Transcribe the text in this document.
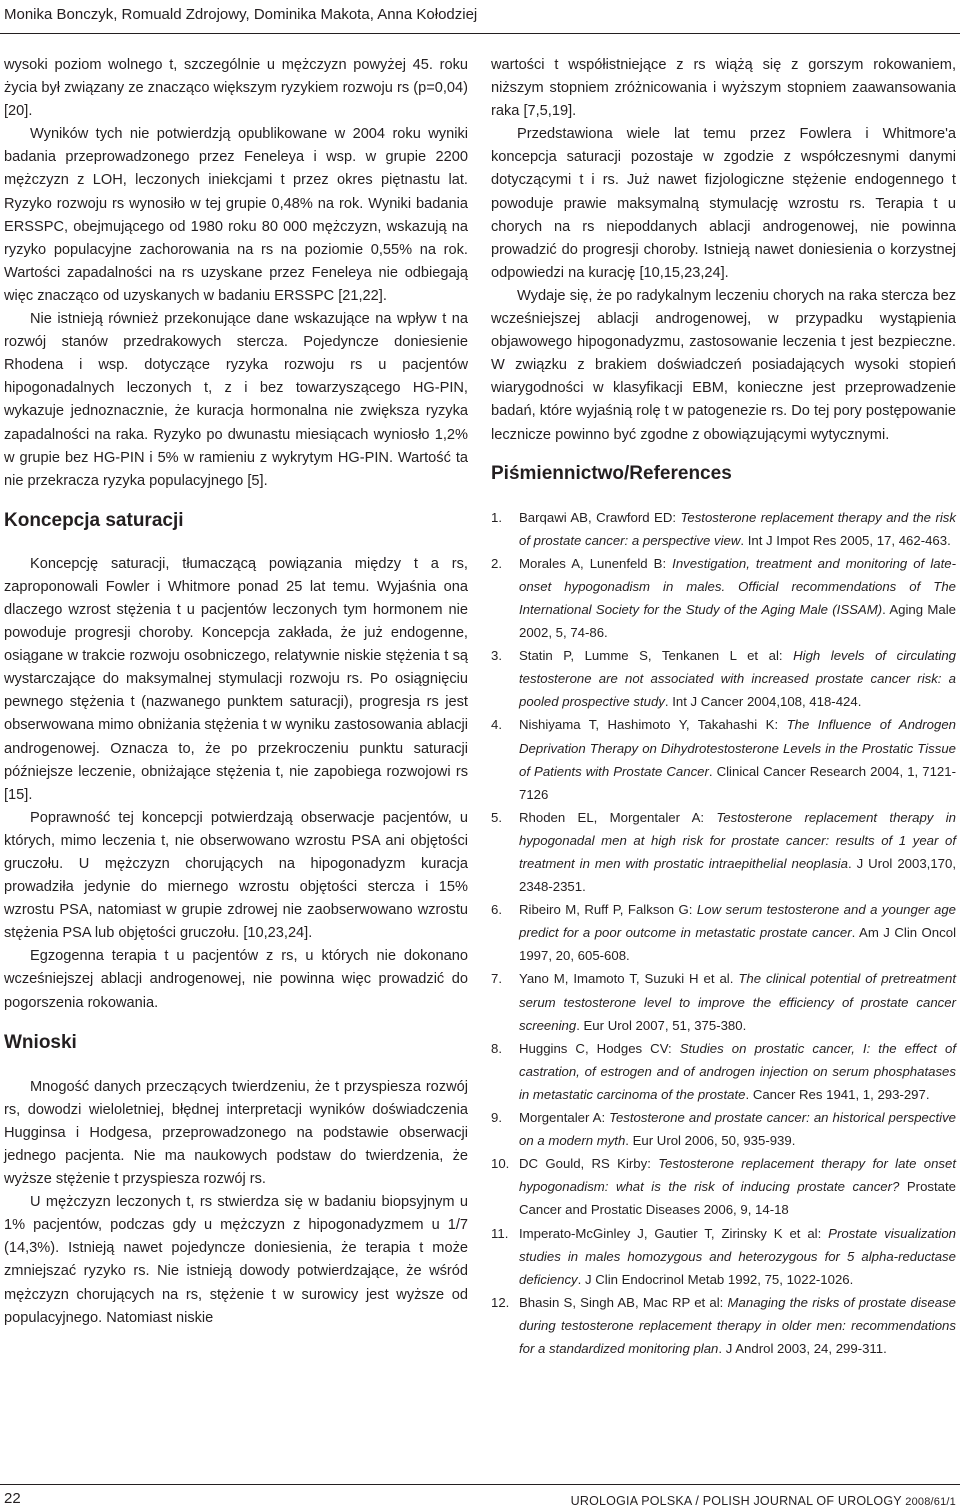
Monika Bonczyk, Romuald Zdrojowy, Dominika Makota, Anna Kołodziej

wysoki poziom wolnego t, szczególnie u mężczyzn powyżej 45. roku życia był związany ze znacząco większym ryzykiem rozwoju rs (p=0,04) [20].

Wyników tych nie potwierdzją opublikowane w 2004 roku wyniki badania przeprowadzonego przez Feneleya i wsp. w grupie 2200 mężczyzn z LOH, leczonych iniekcjami t przez okres piętnastu lat. Ryzyko rozwoju rs wynosiło w tej grupie 0,48% na rok. Wyniki badania ERSSPC, obejmującego od 1980 roku 80 000 mężczyzn, wskazują na ryzyko populacyjne zachorowania na rs na poziomie 0,55% na rok. Wartości zapadalności na rs uzyskane przez Feneleya nie odbiegają więc znacząco od uzyskanych w badaniu ERSSPC [21,22].

Nie istnieją również przekonujące dane wskazujące na wpływ t na rozwój stanów przedrakowych stercza. Pojedyncze doniesienie Rhodena i wsp. dotyczące ryzyka rozwoju rs u pacjentów hipogonadalnych leczonych t, z i bez towarzyszącego HG-PIN, wykazuje jednoznacznie, że kuracja hormonalna nie zwiększa ryzyka zapadalności na raka. Ryzyko po dwunastu miesiącach wyniosło 1,2% w grupie bez HG-PIN i 5% w ramieniu z wykrytym HG-PIN. Wartość ta nie przekracza ryzyka populacyjnego [5].

Koncepcja saturacji

Koncepcję saturacji, tłumaczącą powiązania między t a rs, zaproponowali Fowler i Whitmore ponad 25 lat temu. Wyjaśnia ona dlaczego wzrost stężenia t u pacjentów leczonych tym hormonem nie powoduje progresji choroby. Koncepcja zakłada, że już endogenne, osiągane w trakcie rozwoju osobniczego, relatywnie niskie stężenia t są wystarczające do maksymalnej stymulacji rozwoju rs. Po osiągnięciu pewnego stężenia t (nazwanego punktem saturacji), progresja rs jest obserwowana mimo obniżania stężenia t w wyniku zastosowania ablacji androgenowej. Oznacza to, że po przekroczeniu punktu saturacji późniejsze leczenie, obniżające stężenia t, nie zapobiega rozwojowi rs [15].

Poprawność tej koncepcji potwierdzają obserwacje pacjentów, u których, mimo leczenia t, nie obserwowano wzrostu PSA ani objętości gruczołu. U mężczyzn chorujących na hipogonadyzm kuracja prowadziła jedynie do miernego wzrostu objętości stercza i 15% wzrostu PSA, natomiast w grupie zdrowej nie zaobserwowano wzrostu stężenia PSA lub objętości gruczołu. [10,23,24].

Egzogenna terapia t u pacjentów z rs, u których nie dokonano wcześniejszej ablacji androgenowej, nie powinna więc prowadzić do pogorszenia rokowania.

Wnioski

Mnogość danych przeczących twierdzeniu, że t przyspiesza rozwój rs, dowodzi wieloletniej, błędnej interpretacji wyników doświadczenia Hugginsa i Hodgesa, przeprowadzonego na podstawie obserwacji jednego pacjenta. Nie ma naukowych podstaw do twierdzenia, że wyższe stężenie t przyspiesza rozwój rs.

U mężczyzn leczonych t, rs stwierdza się w badaniu biopsyjnym u 1% pacjentów, podczas gdy u mężczyzn z hipogonadyzmem u 1/7 (14,3%). Istnieją nawet pojedyncze doniesienia, że terapia t może zmniejszać ryzyko rs. Nie istnieją dowody potwierdzające, że wśród mężczyzn chorujących na rs, stężenie t w surowicy jest wyższe od populacyjnego. Natomiast niskie

wartości t współistniejące z rs wiążą się z gorszym rokowaniem, niższym stopniem zróżnicowania i wyższym stopniem zaawansowania raka [7,5,19].

Przedstawiona wiele lat temu przez Fowlera i Whitmore'a koncepcja saturacji pozostaje w zgodzie z współczesnymi danymi dotyczącymi t i rs. Już nawet fizjologiczne stężenie endogennego t powoduje prawie maksymalną stymulację wzrostu rs. Terapia t u chorych na rs niepoddanych ablacji androgenowej, nie powinna prowadzić do progresji choroby. Istnieją nawet doniesienia o korzystnej odpowiedzi na kurację [10,15,23,24].

Wydaje się, że po radykalnym leczeniu chorych na raka stercza bez wcześniejszej ablacji androgenowej, w przypadku wystąpienia objawowego hipogonadyzmu, zastosowanie leczenia t jest bezpieczne. W związku z brakiem doświadczeń posiadających wysoki stopień wiarygodności w klasyfikacji EBM, konieczne jest przeprowadzenie badań, które wyjaśnią rolę t w patogenezie rs. Do tej pory postępowanie lecznicze powinno być zgodne z obowiązującymi wytycznymi.

Piśmiennictwo/References
1. Barqawi AB, Crawford ED: Testosterone replacement therapy and the risk of prostate cancer: a perspective view. Int J Impot Res 2005, 17, 462-463.
2. Morales A, Lunenfeld B: Investigation, treatment and monitoring of late-onset hypogonadism in males. Official recommendations of The International Society for the Study of the Aging Male (ISSAM). Aging Male 2002, 5, 74-86.
3. Statin P, Lumme S, Tenkanen L et al: High levels of circulating testosterone are not associated with increased prostate cancer risk: a pooled prospective study. Int J Cancer 2004,108, 418-424.
4. Nishiyama T, Hashimoto Y, Takahashi K: The Influence of Androgen Deprivation Therapy on Dihydrotestosterone Levels in the Prostatic Tissue of Patients with Prostate Cancer. Clinical Cancer Research 2004, 1, 7121-7126
5. Rhoden EL, Morgentaler A: Testosterone replacement therapy in hypogonadal men at high risk for prostate cancer: results of 1 year of treatment in men with prostatic intraepithelial neoplasia. J Urol 2003,170, 2348-2351.
6. Ribeiro M, Ruff P, Falkson G: Low serum testosterone and a younger age predict for a poor outcome in metastatic prostate cancer. Am J Clin Oncol 1997, 20, 605-608.
7. Yano M, Imamoto T, Suzuki H et al. The clinical potential of pretreatment serum testosterone level to improve the efficiency of prostate cancer screening. Eur Urol 2007, 51, 375-380.
8. Huggins C, Hodges CV: Studies on prostatic cancer, I: the effect of castration, of estrogen and of androgen injection on serum phosphatases in metastatic carcinoma of the prostate. Cancer Res 1941, 1, 293-297.
9. Morgentaler A: Testosterone and prostate cancer: an historical perspective on a modern myth. Eur Urol 2006, 50, 935-939.
10. DC Gould, RS Kirby: Testosterone replacement therapy for late onset hypogonadism: what is the risk of inducing prostate cancer? Prostate Cancer and Prostatic Diseases 2006, 9, 14-18
11. Imperato-McGinley J, Gautier T, Zirinsky K et al: Prostate visualization studies in males homozygous and heterozygous for 5 alpha-reductase deficiency. J Clin Endocrinol Metab 1992, 75, 1022-1026.
12. Bhasin S, Singh AB, Mac RP et al: Managing the risks of prostate disease during testosterone replacement therapy in older men: recommendations for a standardized monitoring plan. J Androl 2003, 24, 299-311.
22	UROLOGIA POLSKA / POLISH JOURNAL OF UROLOGY 2008/61/1
